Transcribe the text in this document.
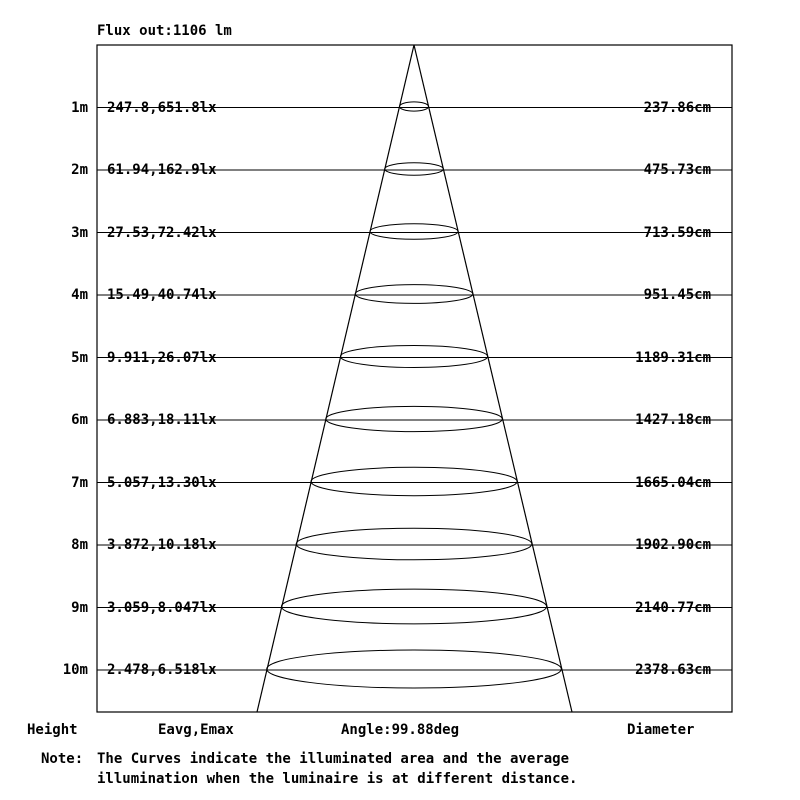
Flux out:1106 lm
1m 247.8,651.8lx	237.86cm
2m 61.94,162.9lx	475.73cm
3m 27.53,72.42lx	713.59cm
4m 15.49,40.74lx	951.45cm
5m 9.911,26.07lx	1189.31cm
6m 6.883,18.11lx	1427.18cm
7m 5.057,13.30lx	1665.04cm
8m 3.872,10.18lx	1902.90cm
9m 3.059,8.047lx	2140.77cm
10m 2.478,6.518lx	2378.63cm
Height	Eavg,Emax	Angle:99.88deg	Diameter
Note: The Curves indicate the illuminated area and the average
illumination when the luminaire is at different distance.
